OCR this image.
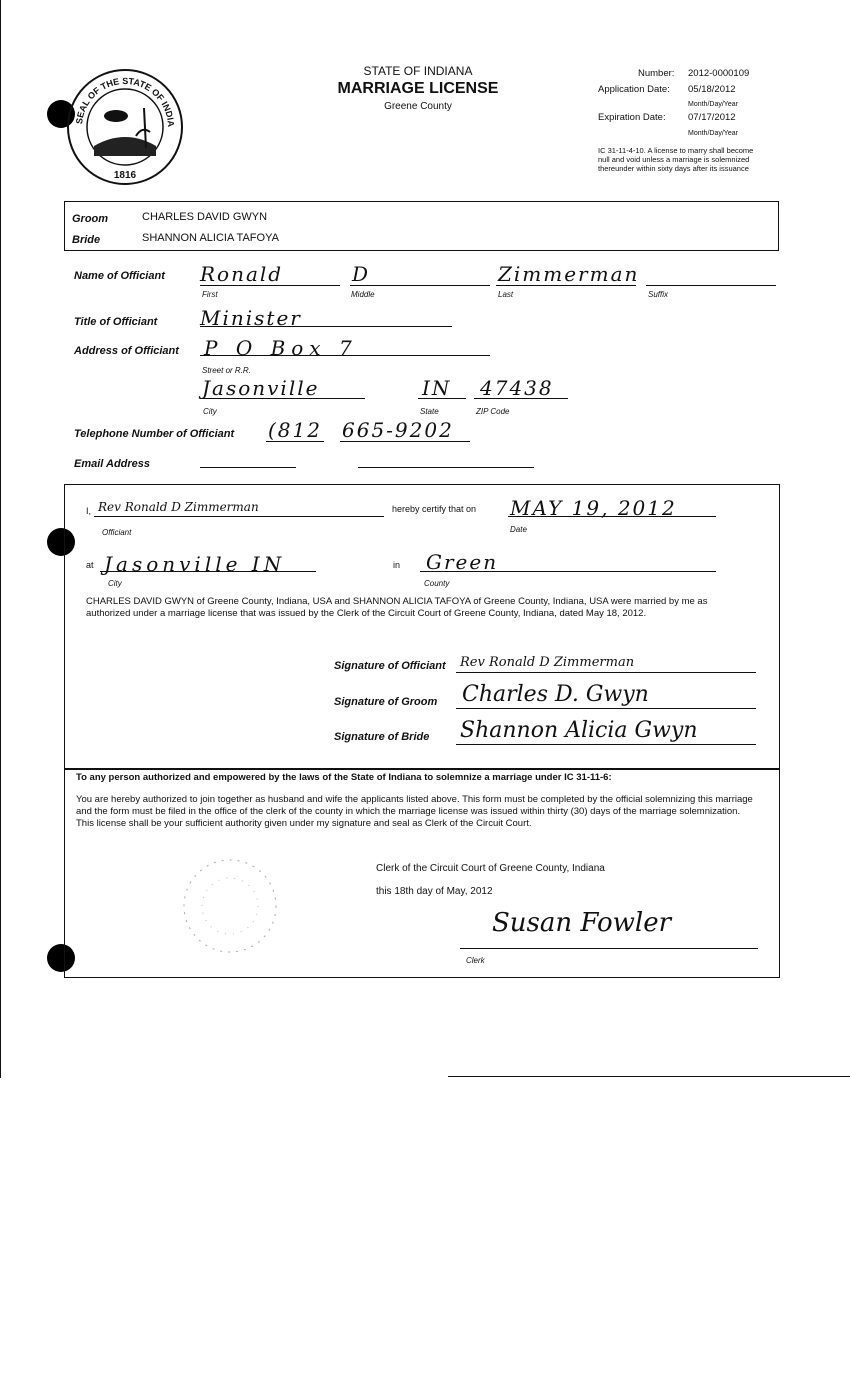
SEAL OF THE STATE OF INDIA
1816
STATE OF INDIANA
MARRIAGE LICENSE
Greene County
Number: 2012-0000109
Application Date: 05/18/2012
Month/Day/Year
Expiration Date: 07/17/2012
Month/Day/Year
IC 31-11-4-10. A license to marry shall become null and void unless a marriage is solemnized thereunder within sixty days after its issuance
Groom	CHARLES DAVID GWYN
Bride	SHANNON ALICIA TAFOYA
Name of Officiant Ronald
First
D
Middle
Zimmerman
Last	Suffix
Title of Officiant Minister
Address of Officiant P O Box 7
Street or R.R.
Jasonville
City
IN
State
47438
ZIP Code
Telephone Number of Officiant (812 665-9202
Email Address
I, Rev Ronald D Zimmerman
Officiant
hereby certify that on MAY 19, 2012
Date
at Jasonville IN
City
in Green
County
CHARLES DAVID GWYN of Greene County, Indiana, USA and SHANNON ALICIA TAFOYA of Greene County, Indiana, USA were married by me as authorized under a marriage license that was issued by the Clerk of the Circuit Court of Greene County, Indiana, dated May 18, 2012.
Signature of Officiant Rev Ronald D Zimmerman
Signature of Groom Charles D. Gwyn
Signature of Bride Shannon Alicia Gwyn
To any person authorized and empowered by the laws of the State of Indiana to solemnize a marriage under IC 31-11-6:
You are hereby authorized to join together as husband and wife the applicants listed above. This form must be completed by the official solemnizing this marriage and the form must be filed in the office of the clerk of the county in which the marriage license was issued within thirty (30) days of the marriage solemnization. This license shall be your sufficient authority given under my signature and seal as Clerk of the Circuit Court.
Clerk of the Circuit Court of Greene County, Indiana
this 18th day of May, 2012
Susan Fowler
Clerk
